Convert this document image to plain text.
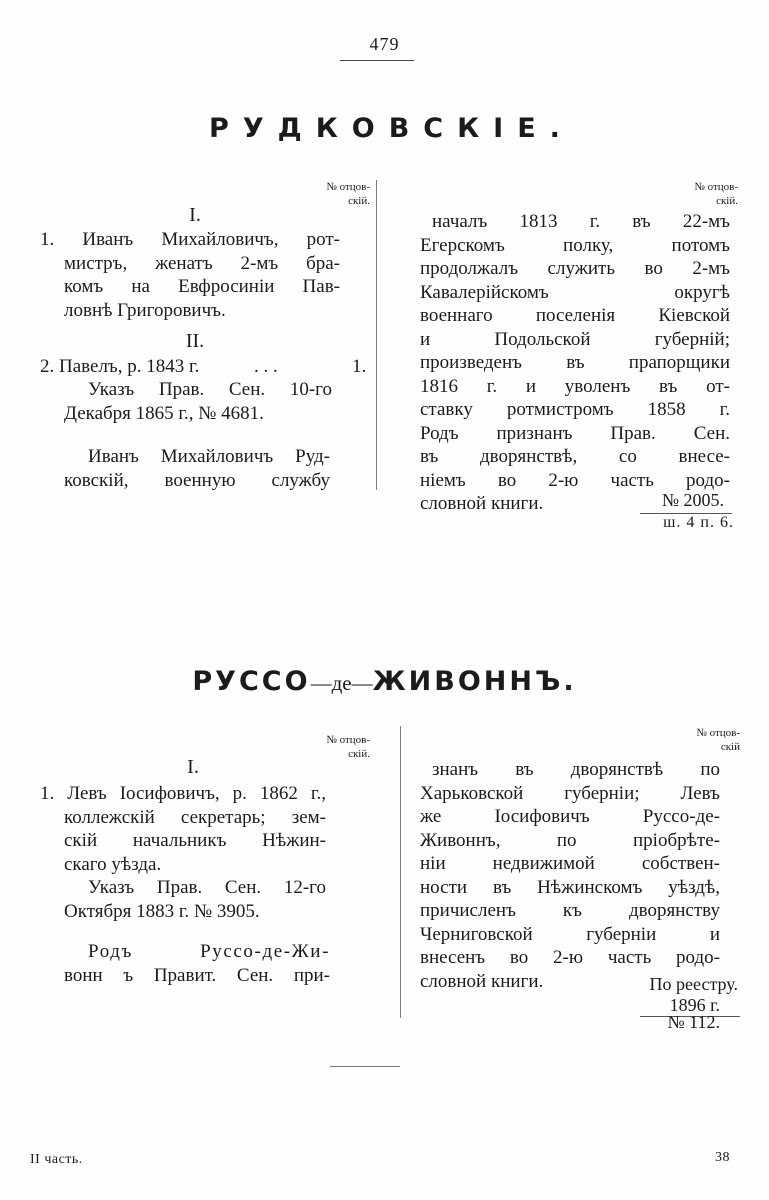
479
РУДКОВСКІЕ.
№ отцов-
скій.
№ отцов-
скій.
I.
1. Иванъ Михайловичъ, рот-
мистръ, женатъ 2-мъ бра-
комъ на Евфросиніи Пав-
ловнѣ Григоровичъ.
II.
2. Павелъ, р. 1843 г.	. . .	1.
Указъ Прав. Сен. 10-го
Декабря 1865 г., № 4681.
Иванъ Михайловичъ Руд-
ковскій, военную службу
началъ 1813 г. въ 22-мъ
Егерскомъ полку, потомъ
продолжалъ служить во 2-мъ
Кавалерійскомъ округѣ
военнаго поселенія Кіевской
и Подольской губерній;
произведенъ въ прапорщики
1816 г. и уволенъ въ от-
ставку ротмистромъ 1858 г.
Родъ признанъ Прав. Сен.
въ дворянствѣ, со внесе-
ніемъ во 2-ю часть родо-
словной книги.	№ 2005.
ш. 4 п. 6.
РУССО—де—ЖИВОННЪ.
№ отцов-
скій.
№ отцов-
скій
I.
1. Левъ Іосифовичъ, р. 1862 г.,
коллежскій секретарь; зем-
скій начальникъ Нѣжин-
скаго уѣзда.
Указъ Прав. Сен. 12-го
Октября 1883 г. № 3905.
Родъ Руссо-де-Жи-
вонн ъ Правит. Сен. при-
знанъ въ дворянствѣ по
Харьковской губерніи; Левъ
же Іосифовичъ Руссо-де-
Живоннъ, по пріобрѣте-
ніи недвижимой собствен-
ности въ Нѣжинскомъ уѣздѣ,
причисленъ къ дворянству
Черниговской губерніи и
внесенъ во 2-ю часть родо-
словной книги.	По реестру.
1896 г.
№ 112.
II часть.	38
